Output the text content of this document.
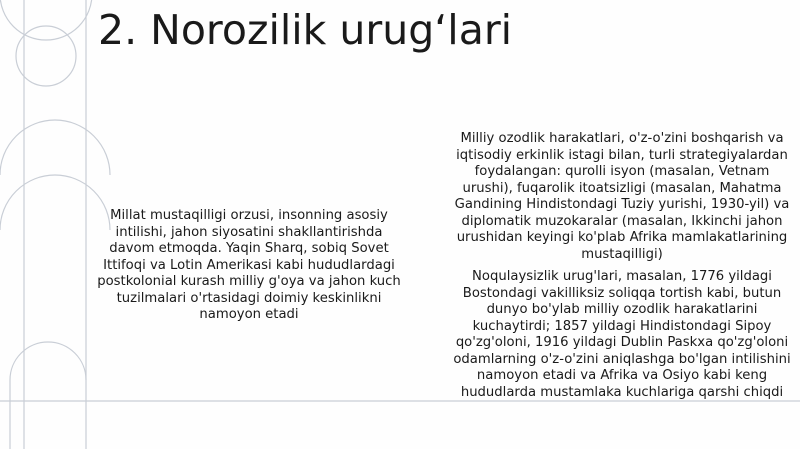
2. Norozilik urug‘lari

Millat mustaqilligi orzusi, insonning asosiy intilishi, jahon siyosatini shakllantirishda davom etmoqda. Yaqin Sharq, sobiq Sovet Ittifoqi va Lotin Amerikasi kabi hududlardagi postkolonial kurash milliy g'oya va jahon kuch tuzilmalari o'rtasidagi doimiy keskinlikni namoyon etadi

Milliy ozodlik harakatlari, o'z-o'zini boshqarish va iqtisodiy erkinlik istagi bilan, turli strategiyalardan foydalangan: qurolli isyon (masalan, Vetnam urushi), fuqarolik itoatsizligi (masalan, Mahatma Gandining Hindistondagi Tuziy yurishi, 1930-yil) va diplomatik muzokaralar (masalan, Ikkinchi jahon urushidan keyingi ko'plab Afrika mamlakatlarining mustaqilligi)

Noqulaysizlik urug'lari, masalan, 1776 yildagi Bostondagi vakilliksiz soliqqa tortish kabi, butun dunyo bo'ylab milliy ozodlik harakatlarini kuchaytirdi; 1857 yildagi Hindistondagi Sipoy qo'zg'oloni, 1916 yildagi Dublin Paskxa qo'zg'oloni odamlarning o'z-o'zini aniqlashga bo'lgan intilishini namoyon etadi va Afrika va Osiyo kabi keng hududlarda mustamlaka kuchlariga qarshi chiqdi
